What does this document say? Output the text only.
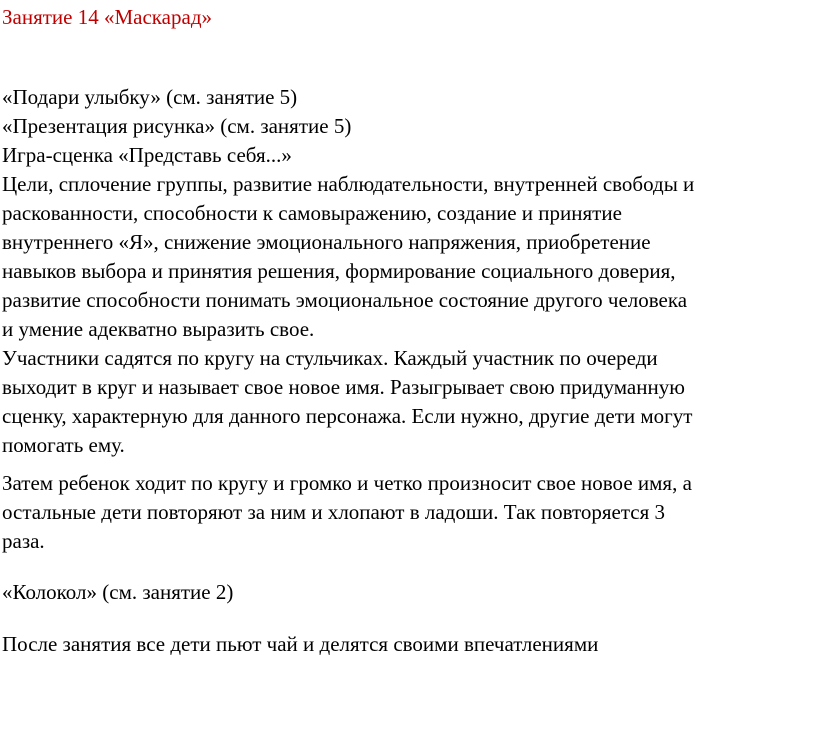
Занятие 14 «Маскарад»
«Подари улыбку» (см. занятие 5)
«Презентация рисунка» (см. занятие 5)
Игра-сценка «Представь себя...»
Цели, сплочение группы, развитие наблюдательности, внутренней свободы и
раскованности, способности к самовыражению, создание и принятие
внутреннего «Я», снижение эмоционального напряжения, приобретение
навыков выбора и принятия решения, формирование социального доверия,
развитие способности понимать эмоциональное состояние другого человека
и умение адекватно выразить свое.
Участники садятся по кругу на стульчиках. Каждый участник по очереди
выходит в круг и называет свое новое имя. Разыгрывает свою придуманную
сценку, характерную для данного персонажа. Если нужно, другие дети могут
помогать ему.
Затем ребенок ходит по кругу и громко и четко произносит свое новое имя, а
остальные дети повторяют за ним и хлопают в ладоши. Так повторяется 3
раза.
«Колокол» (см. занятие 2)
После занятия все дети пьют чай и делятся своими впечатлениями
